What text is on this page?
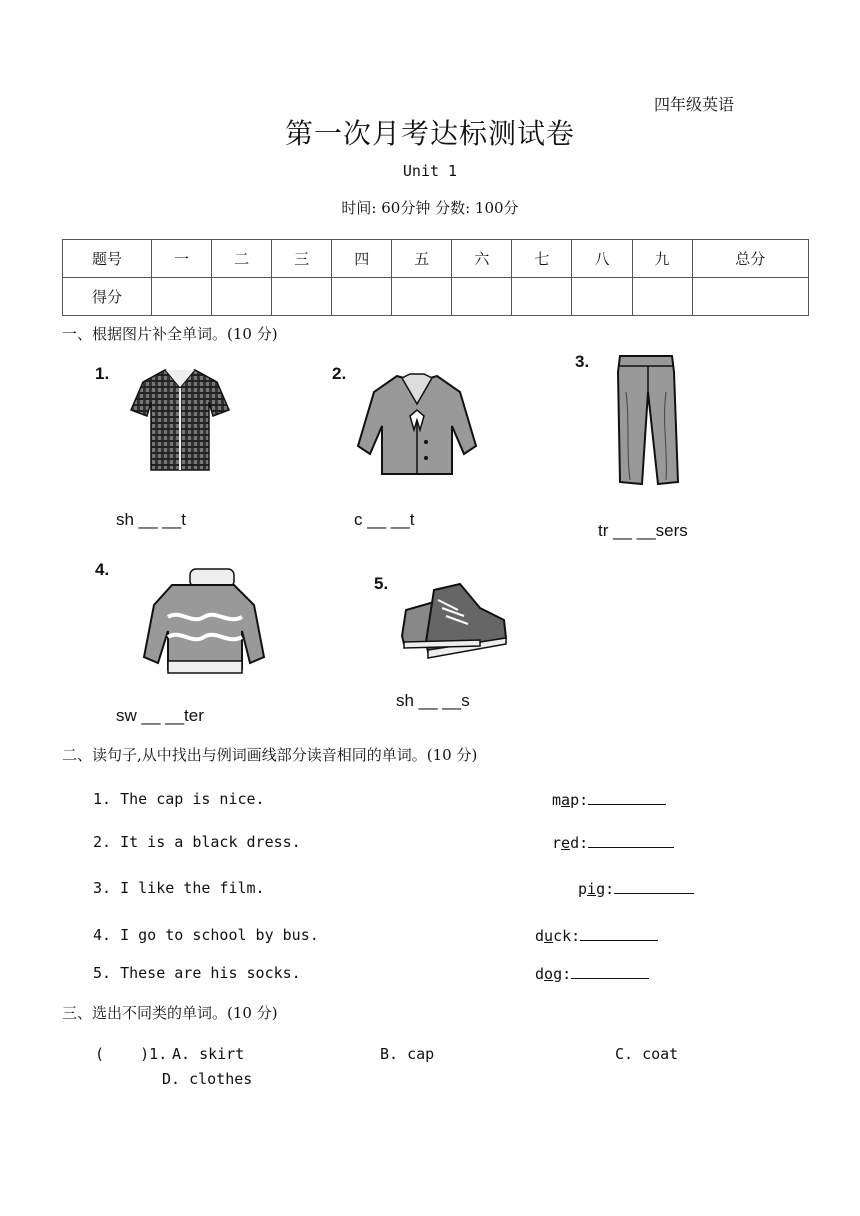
四年级英语
第一次月考达标测试卷
Unit 1
时间: 60分钟 分数: 100分
题号	一	二	三	四	五	六	七	八	九	总分
得分										
一、根据图片补全单词。(10 分)
1.
sh __ __t
2.
c __ __t
3.
tr __ __sers
4.
sw __ __ter
5.
sh __ __s
二、读句子,从中找出与例词画线部分读音相同的单词。(10 分)
1. The cap is nice.	map:
2. It is a black dress.	red:
3. I like the film.	pig:
4. I go to school by bus.	duck:
5. These are his socks.	dog:
三、选出不同类的单词。(10 分)
(    )1. A. skirt	B. cap	C. coat
D. clothes
